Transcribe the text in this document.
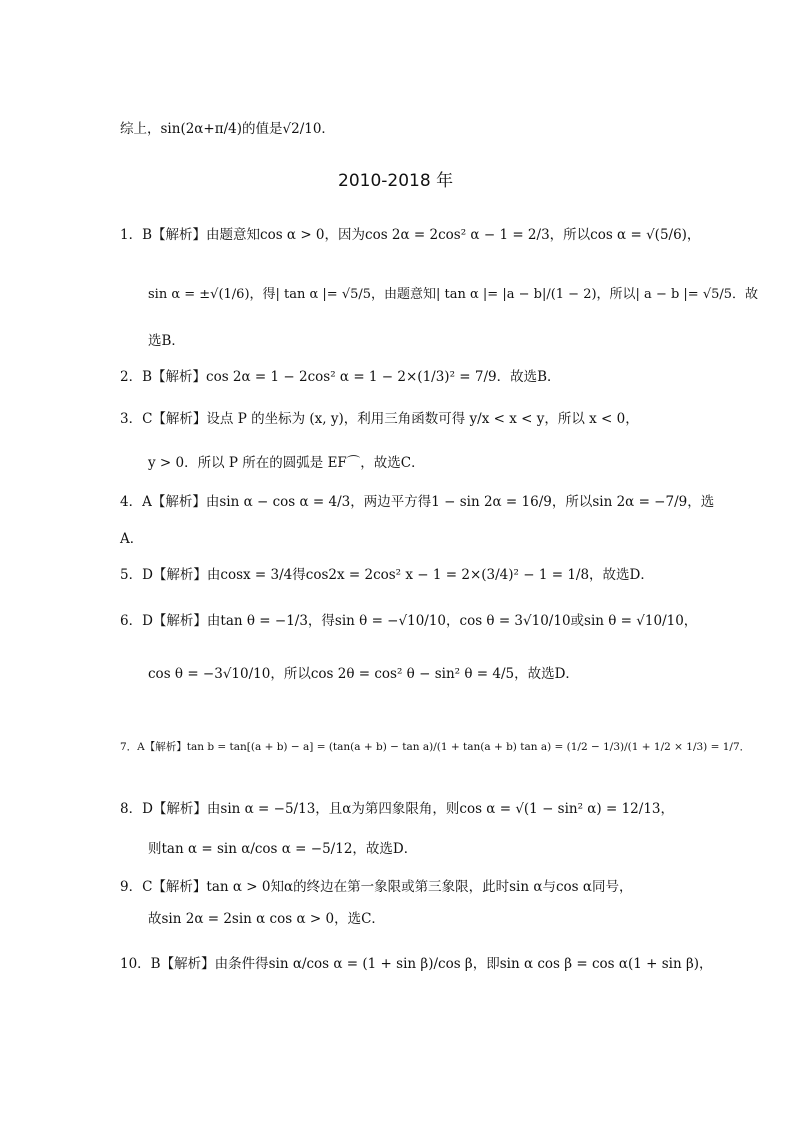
综上，sin(2α+π/4)的值是√2/10．
2010-2018 年
1．B【解析】由题意知cos α > 0，因为cos 2α = 2cos² α − 1 = 2/3，所以cos α = √(5/6)，
sin α = ±√(1/6)，得| tan α |= √5/5，由题意知| tan α |= |a − b|/(1 − 2)，所以| a − b |= √5/5．故
选B．
2．B【解析】cos 2α = 1 − 2cos² α = 1 − 2×(1/3)² = 7/9．故选B．
3．C【解析】设点 P 的坐标为 (x, y)，利用三角函数可得 y/x < x < y，所以 x < 0，
y > 0．所以 P 所在的圆弧是 EF⌒，故选C．
4．A【解析】由sin α − cos α = 4/3，两边平方得1 − sin 2α = 16/9，所以sin 2α = −7/9，选
A．
5．D【解析】由cosx = 3/4得cos2x = 2cos² x − 1 = 2×(3/4)² − 1 = 1/8，故选D．
6．D【解析】由tan θ = −1/3，得sin θ = −√10/10，cos θ = 3√10/10或sin θ = √10/10，
cos θ = −3√10/10，所以cos 2θ = cos² θ − sin² θ = 4/5，故选D．
7．A【解析】tan b = tan[(a + b) − a] = (tan(a + b) − tan a)/(1 + tan(a + b) tan a) = (1/2 − 1/3)/(1 + 1/2 × 1/3) = 1/7．
8．D【解析】由sin α = −5/13，且α为第四象限角，则cos α = √(1 − sin² α) = 12/13，
则tan α = sin α/cos α = −5/12，故选D．
9．C【解析】tan α > 0知α的终边在第一象限或第三象限，此时sin α与cos α同号，
故sin 2α = 2sin α cos α > 0，选C．
10．B【解析】由条件得sin α/cos α = (1 + sin β)/cos β，即sin α cos β = cos α(1 + sin β)，
